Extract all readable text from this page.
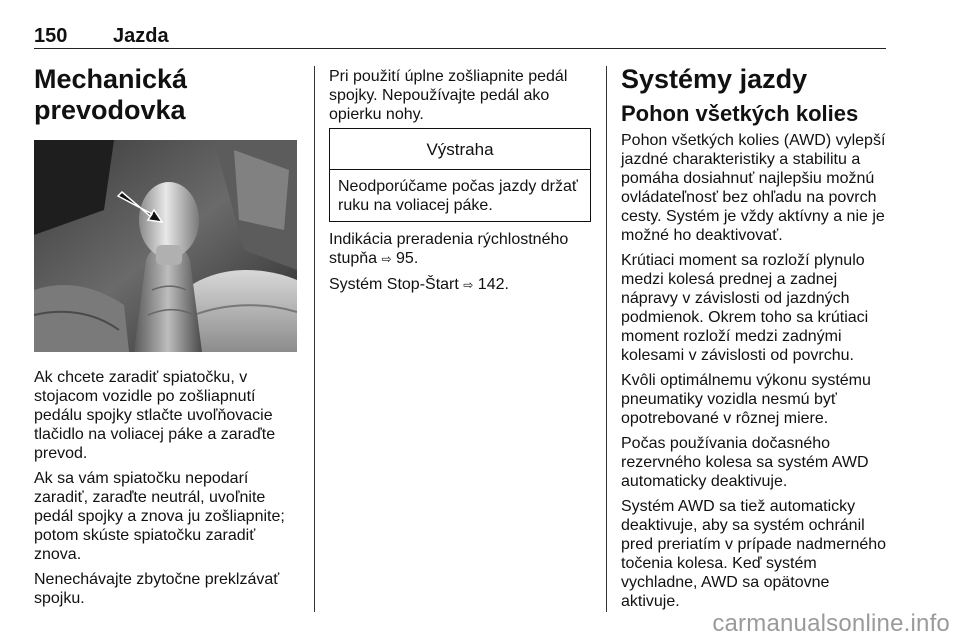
150 Jazda
Mechanická
prevodovka

Ak chcete zaradiť spiatočku, v stojacom vozidle po zošliapnutí pedálu spojky stlačte uvoľňovacie tlačidlo na voliacej páke a zaraďte prevod.

Ak sa vám spiatočku nepodarí zaradiť, zaraďte neutrál, uvoľnite pedál spojky a znova ju zošliapnite; potom skúste spiatočku zaradiť znova.

Nenechávajte zbytočne preklzávať spojku.

Pri použití úplne zošliapnite pedál spojky. Nepoužívajte pedál ako opierku nohy.

Výstraha
Neodporúčame počas jazdy držať ruku na voliacej páke.

Indikácia preradenia rýchlostného stupňa ⇨ 95.

Systém Stop-Štart ⇨ 142.

Systémy jazdy
Pohon všetkých kolies

Pohon všetkých kolies (AWD) vylepší jazdné charakteristiky a stabilitu a pomáha dosiahnuť najlepšiu možnú ovládateľnosť bez ohľadu na povrch cesty. Systém je vždy aktívny a nie je možné ho deaktivovať.

Krútiaci moment sa rozloží plynulo medzi kolesá prednej a zadnej nápravy v závislosti od jazdných podmienok. Okrem toho sa krútiaci moment rozloží medzi zadnými kolesami v závislosti od povrchu.

Kvôli optimálnemu výkonu systému pneumatiky vozidla nesmú byť opotrebované v rôznej miere.

Počas používania dočasného rezervného kolesa sa systém AWD automaticky deaktivuje.

Systém AWD sa tiež automaticky deaktivuje, aby sa systém ochránil pred prerіatím v prípade nadmerného točenia kolesa. Keď systém vychladne, AWD sa opätovne aktivuje.

carmanualsonline.info
